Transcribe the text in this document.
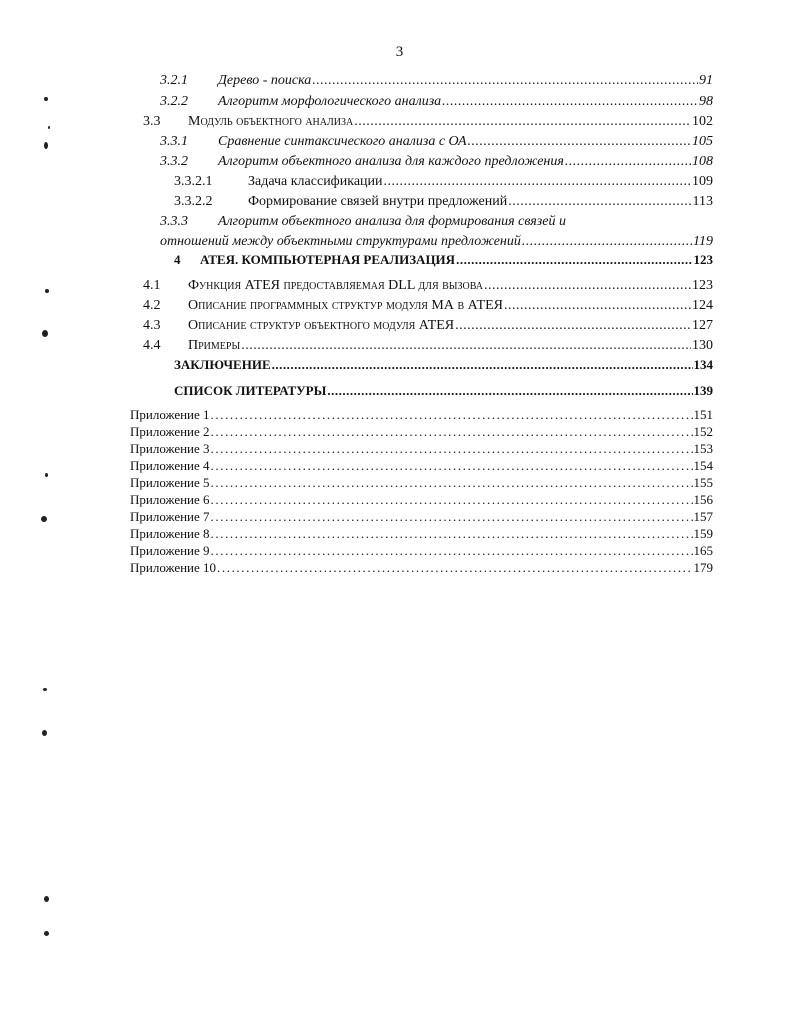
3
3.2.1	Дерево - поиска .....	91
3.2.2	Алгоритм морфологического анализа .....	98
3.3	Модуль объектного анализа .....	102
3.3.1	Сравнение синтаксического анализа с ОА .....	105
3.3.2	Алгоритм объектного анализа для каждого предложения .....	108
3.3.2.1	Задача классификации .....	109
3.3.2.2	Формирование связей внутри предложений .....	113
3.3.3 Алгоритм объектного анализа для формирования связей и
отношений между объектными структурами предложений .....	119
4	АТЕЯ. КОМПЬЮТЕРНАЯ РЕАЛИЗАЦИЯ .....	123
4.1	Функция АТЕЯ предоставляемая DLL для вызова .....	123
4.2	Описание программных структур модуля МА в АТЕЯ .....	124
4.3	Описание структур объектного модуля АТЕЯ .....	127
4.4	Примеры .....	130
ЗАКЛЮЧЕНИЕ .....	134
СПИСОК ЛИТЕРАТУРЫ .....	139
Приложение 1 .....	151
Приложение 2 .....	152
Приложение 3 .....	153
Приложение 4 .....	154
Приложение 5 .....	155
Приложение 6 .....	156
Приложение 7 .....	157
Приложение 8 .....	159
Приложение 9 .....	165
Приложение 10 .....	179
